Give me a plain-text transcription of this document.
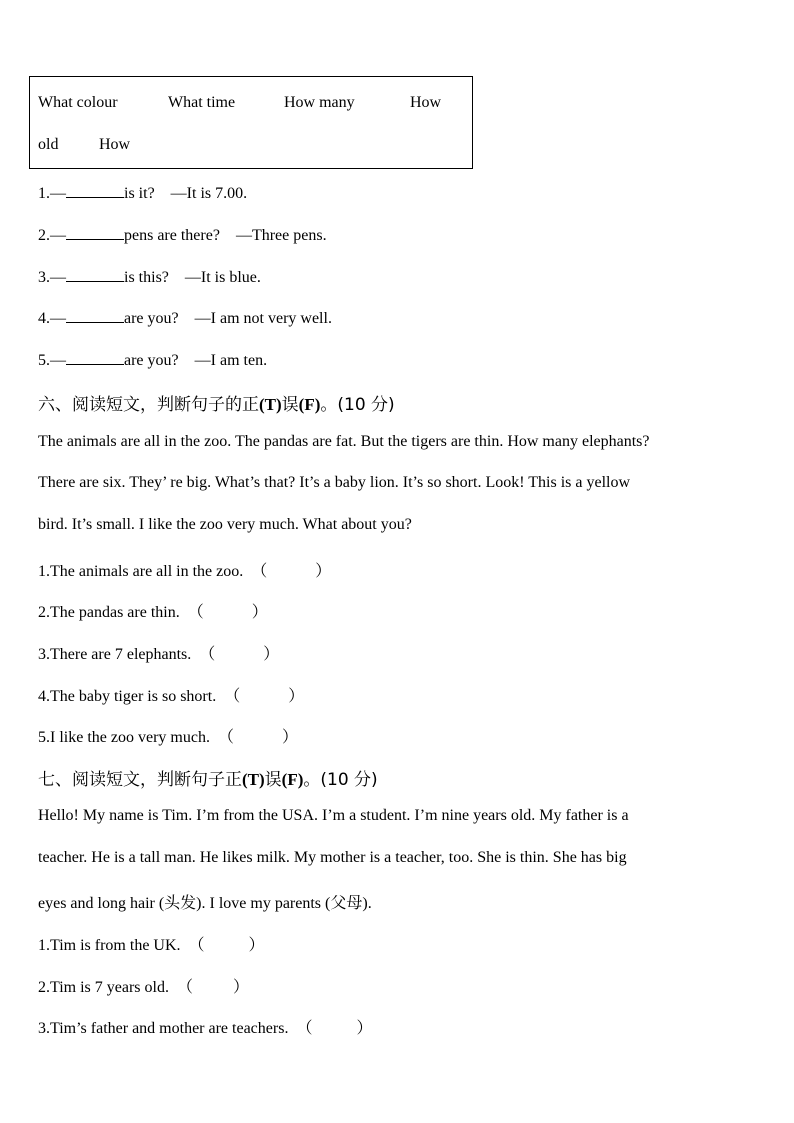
What colour	What time	How many	How
old	How
1.—	is it? —It is 7.00.
2.—	pens are there? —Three pens.
3.—	is this? —It is blue.
4.—	are you? —I am not very well.
5.—	are you? —I am ten.
六、阅读短文，判断句子的正(T)误(F)。(10 分)
The animals are all in the zoo. The pandas are fat. But the tigers are thin. How many elephants?
There are six. They’ re big. What’s that? It’s a baby lion. It’s so short. Look! This is a yellow
bird. It’s small. I like the zoo very much. What about you?
1.The animals are all in the zoo. （	）
2.The pandas are thin. （	）
3.There are 7 elephants. （	）
4.The baby tiger is so short. （	）
5.I like the zoo very much. （	）
七、阅读短文，判断句子正(T)误(F)。(10 分)
Hello! My name is Tim. I’m from the USA. I’m a student. I’m nine years old. My father is a
teacher. He is a tall man. He likes milk. My mother is a teacher, too. She is thin. She has big
eyes and long hair (头发). I love my parents (父母).
1.Tim is from the UK. （	）
2.Tim is 7 years old. （	）
3.Tim’s father and mother are teachers. （	）
